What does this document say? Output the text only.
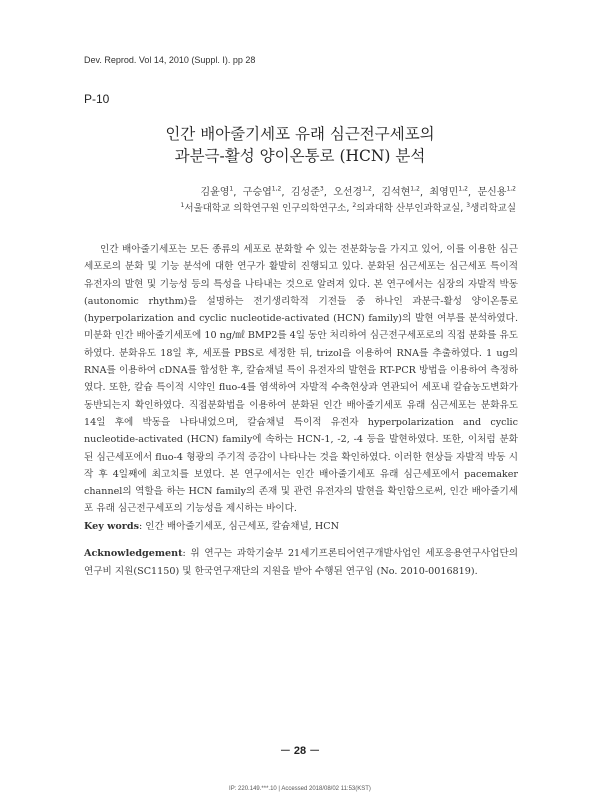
Dev. Reprod. Vol 14, 2010 (Suppl. I). pp 28
P-10
인간 배아줄기세포 유래 심근전구세포의
과분극-활성 양이온통로 (HCN) 분석
김윤영$^1$,  구승엽$^{1,2}$,  김성준$^3$,  오선경$^{1,2}$,  김석현$^{1,2}$,  최영민$^{1,2}$,  문신용$^{1,2}$
$^1$서울대학교 의학연구원 인구의학연구소, $^2$의과대학 산부인과학교실, $^3$생리학교실

인간 배아줄기세포는 모든 종류의 세포로 분화할 수 있는 전분화능을 가지고 있어, 이를 이용한 심근세포로의 분화 및 기능 분석에 대한 연구가 활발히 진행되고 있다. 분화된 심근세포는 심근세포 특이적 유전자의 발현 및 기능성 등의 특성을 나타내는 것으로 알려져 있다. 본 연구에서는 심장의 자발적 박동 (autonomic rhythm)을 설명하는 전기생리학적 기전들 중 하나인 과분극-활성 양이온통로 (hyperpolarization and cyclic nucleotide-activated (HCN) family)의 발현 여부를 분석하였다. 미분화 인간 배아줄기세포에 10 ng/㎖ BMP2를 4일 동안 처리하여 심근전구세포로의 직접 분화를 유도하였다. 분화유도 18일 후, 세포를 PBS로 세정한 뒤, trizol을 이용하여 RNA를 추출하였다. 1 ug의 RNA를 이용하여 cDNA를 합성한 후, 칼슘채널 특이 유전자의 발현을 RT-PCR 방법을 이용하여 측정하였다. 또한, 칼슘 특이적 시약인 fluo-4를 염색하여 자발적 수축현상과 연관되어 세포내 칼슘농도변화가 동반되는지 확인하였다. 직접분화법을 이용하여 분화된 인간 배아줄기세포 유래 심근세포는 분화유도 14일 후에 박동을 나타내었으며, 칼슘채널 특이적 유전자 hyperpolarization and cyclic nucleotide-activated (HCN) family에 속하는 HCN-1, -2, -4 등을 발현하였다. 또한, 이처럼 분화된 심근세포에서 fluo-4 형광의 주기적 증감이 나타나는 것을 확인하였다. 이러한 현상들 자발적 박동 시작 후 4일째에 최고치를 보였다. 본 연구에서는 인간 배아줄기세포 유래 심근세포에서 pacemaker channel의 역할을 하는 HCN family의 존재 및 관련 유전자의 발현을 확인함으로써, 인간 배아줄기세포 유래 심근전구세포의 기능성을 제시하는 바이다.

Key words: 인간 배아줄기세포, 심근세포, 칼슘채널, HCN
Acknowledgement: 위 연구는 과학기술부 21세기프론티어연구개발사업인 세포응용연구사업단의 연구비 지원(SC1150) 및 한국연구재단의 지원을 받아 수행된 연구임 (No. 2010-0016819).
－ 28 －
IP: 220.149.***.10 | Accessed 2018/08/02 11:53(KST)
